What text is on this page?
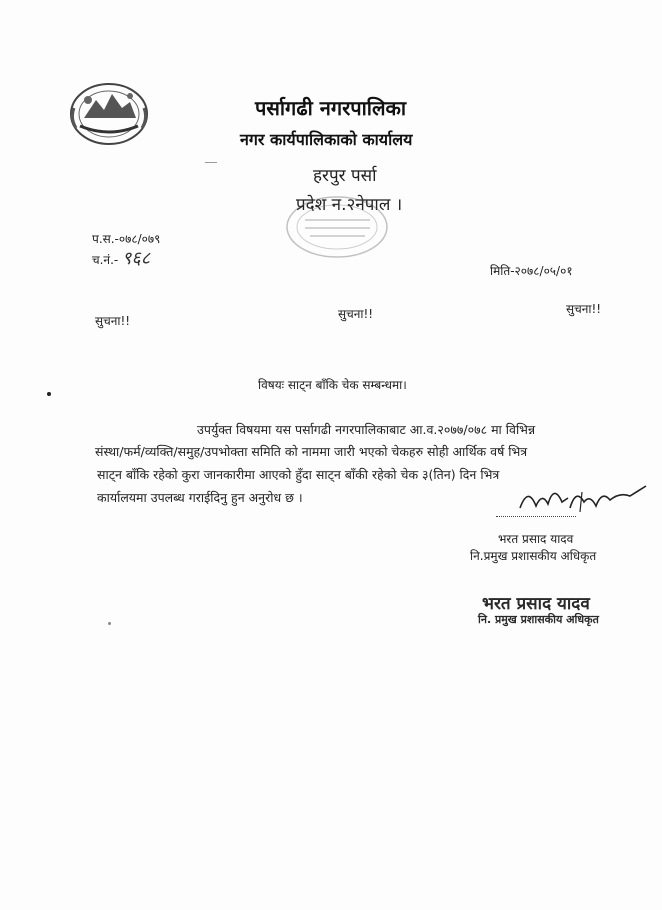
पर्सागढी नगरपालिका
नगर कार्यपालिकाको कार्यालय
हरपुर पर्सा
प्रदेश न.२नेपाल ।
प.स.-०७८/०७९
च.नं.- ९६८
मिति-२०७८/०५/०१
सुचना!!	सुचना!!	सुचना!!
विषयः साट्न बाँकि चेक सम्बन्धमा।
उपर्युक्त विषयमा यस पर्सागढी नगरपालिकाबाट आ.व.२०७७/०७८ मा विभिन्न
संस्था/फर्म/व्यक्ति/समुह/उपभोक्ता समिति को नाममा जारी भएको चेकहरु सोही आर्थिक वर्ष भित्र
साट्न बाँकि रहेको कुरा जानकारीमा आएको हुँदा साट्न बाँकी रहेको चेक ३(तिन) दिन भित्र
कार्यालयमा उपलब्ध गराईदिनु हुन अनुरोध छ ।
भरत प्रसाद यादव
नि.प्रमुख प्रशासकीय अधिकृत
भरत प्रसाद यादव
नि. प्रमुख प्रशासकीय अधिकृत
